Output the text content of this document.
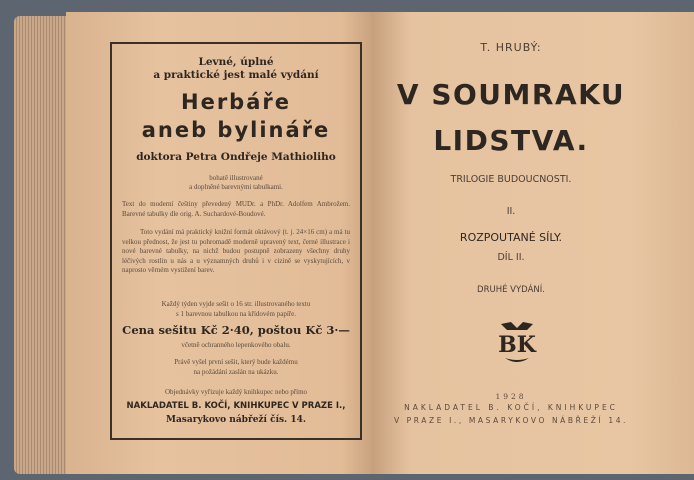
Levné, úplné
a praktické jest malé vydání
Herbáře
aneb bylináře
doktora Petra Ondřeje Mathioliho
bohatě illustrované
a doplněné barevnými tabulkami.
Text do moderní češtiny převedený MUDr. a PhDr. Adolfem Ambrožem. Barevné tabulky dle orig. A. Suchardové-Boudové.
Toto vydání má praktický knižní formát oktávový (t. j. 24×16 cm) a má tu velkou přednost, že jest tu pohromadě moderně upravený text, černé illustrace i nové barevné tabulky, na nichž budou postupně zobrazeny všechny druhy léčivých rostlin u nás a u významných druhů i v cizině se vyskytujících, v naprosto věrném vystižení barev.
Každý týden vyjde sešit o 16 str. illustrovaného textu
s 1 barevnou tabulkou na křídovém papíře.
Cena sešitu Kč 2·40, poštou Kč 3·—
včetně ochranného lepenkového obalu.
Právě vyšel první sešit, který bude každému
na požádání zaslán na ukázku.
Objednávky vyřizuje každý knihkupec nebo přímo
NAKLADATEL B. KOČÍ, KNIHKUPEC V PRAZE I.,
Masarykovo nábřeží čís. 14.
T. HRUBÝ:
V SOUMRAKU
LIDSTVA.
TRILOGIE BUDOUCNOSTI.
II.
ROZPOUTANÉ SÍLY.
DÍL II.
DRUHÉ VYDÁNÍ.
1928
NAKLADATEL B. KOČÍ, KNIHKUPEC
V PRAZE I., MASARYKOVO NÁBŘEŽÍ 14.
BK
